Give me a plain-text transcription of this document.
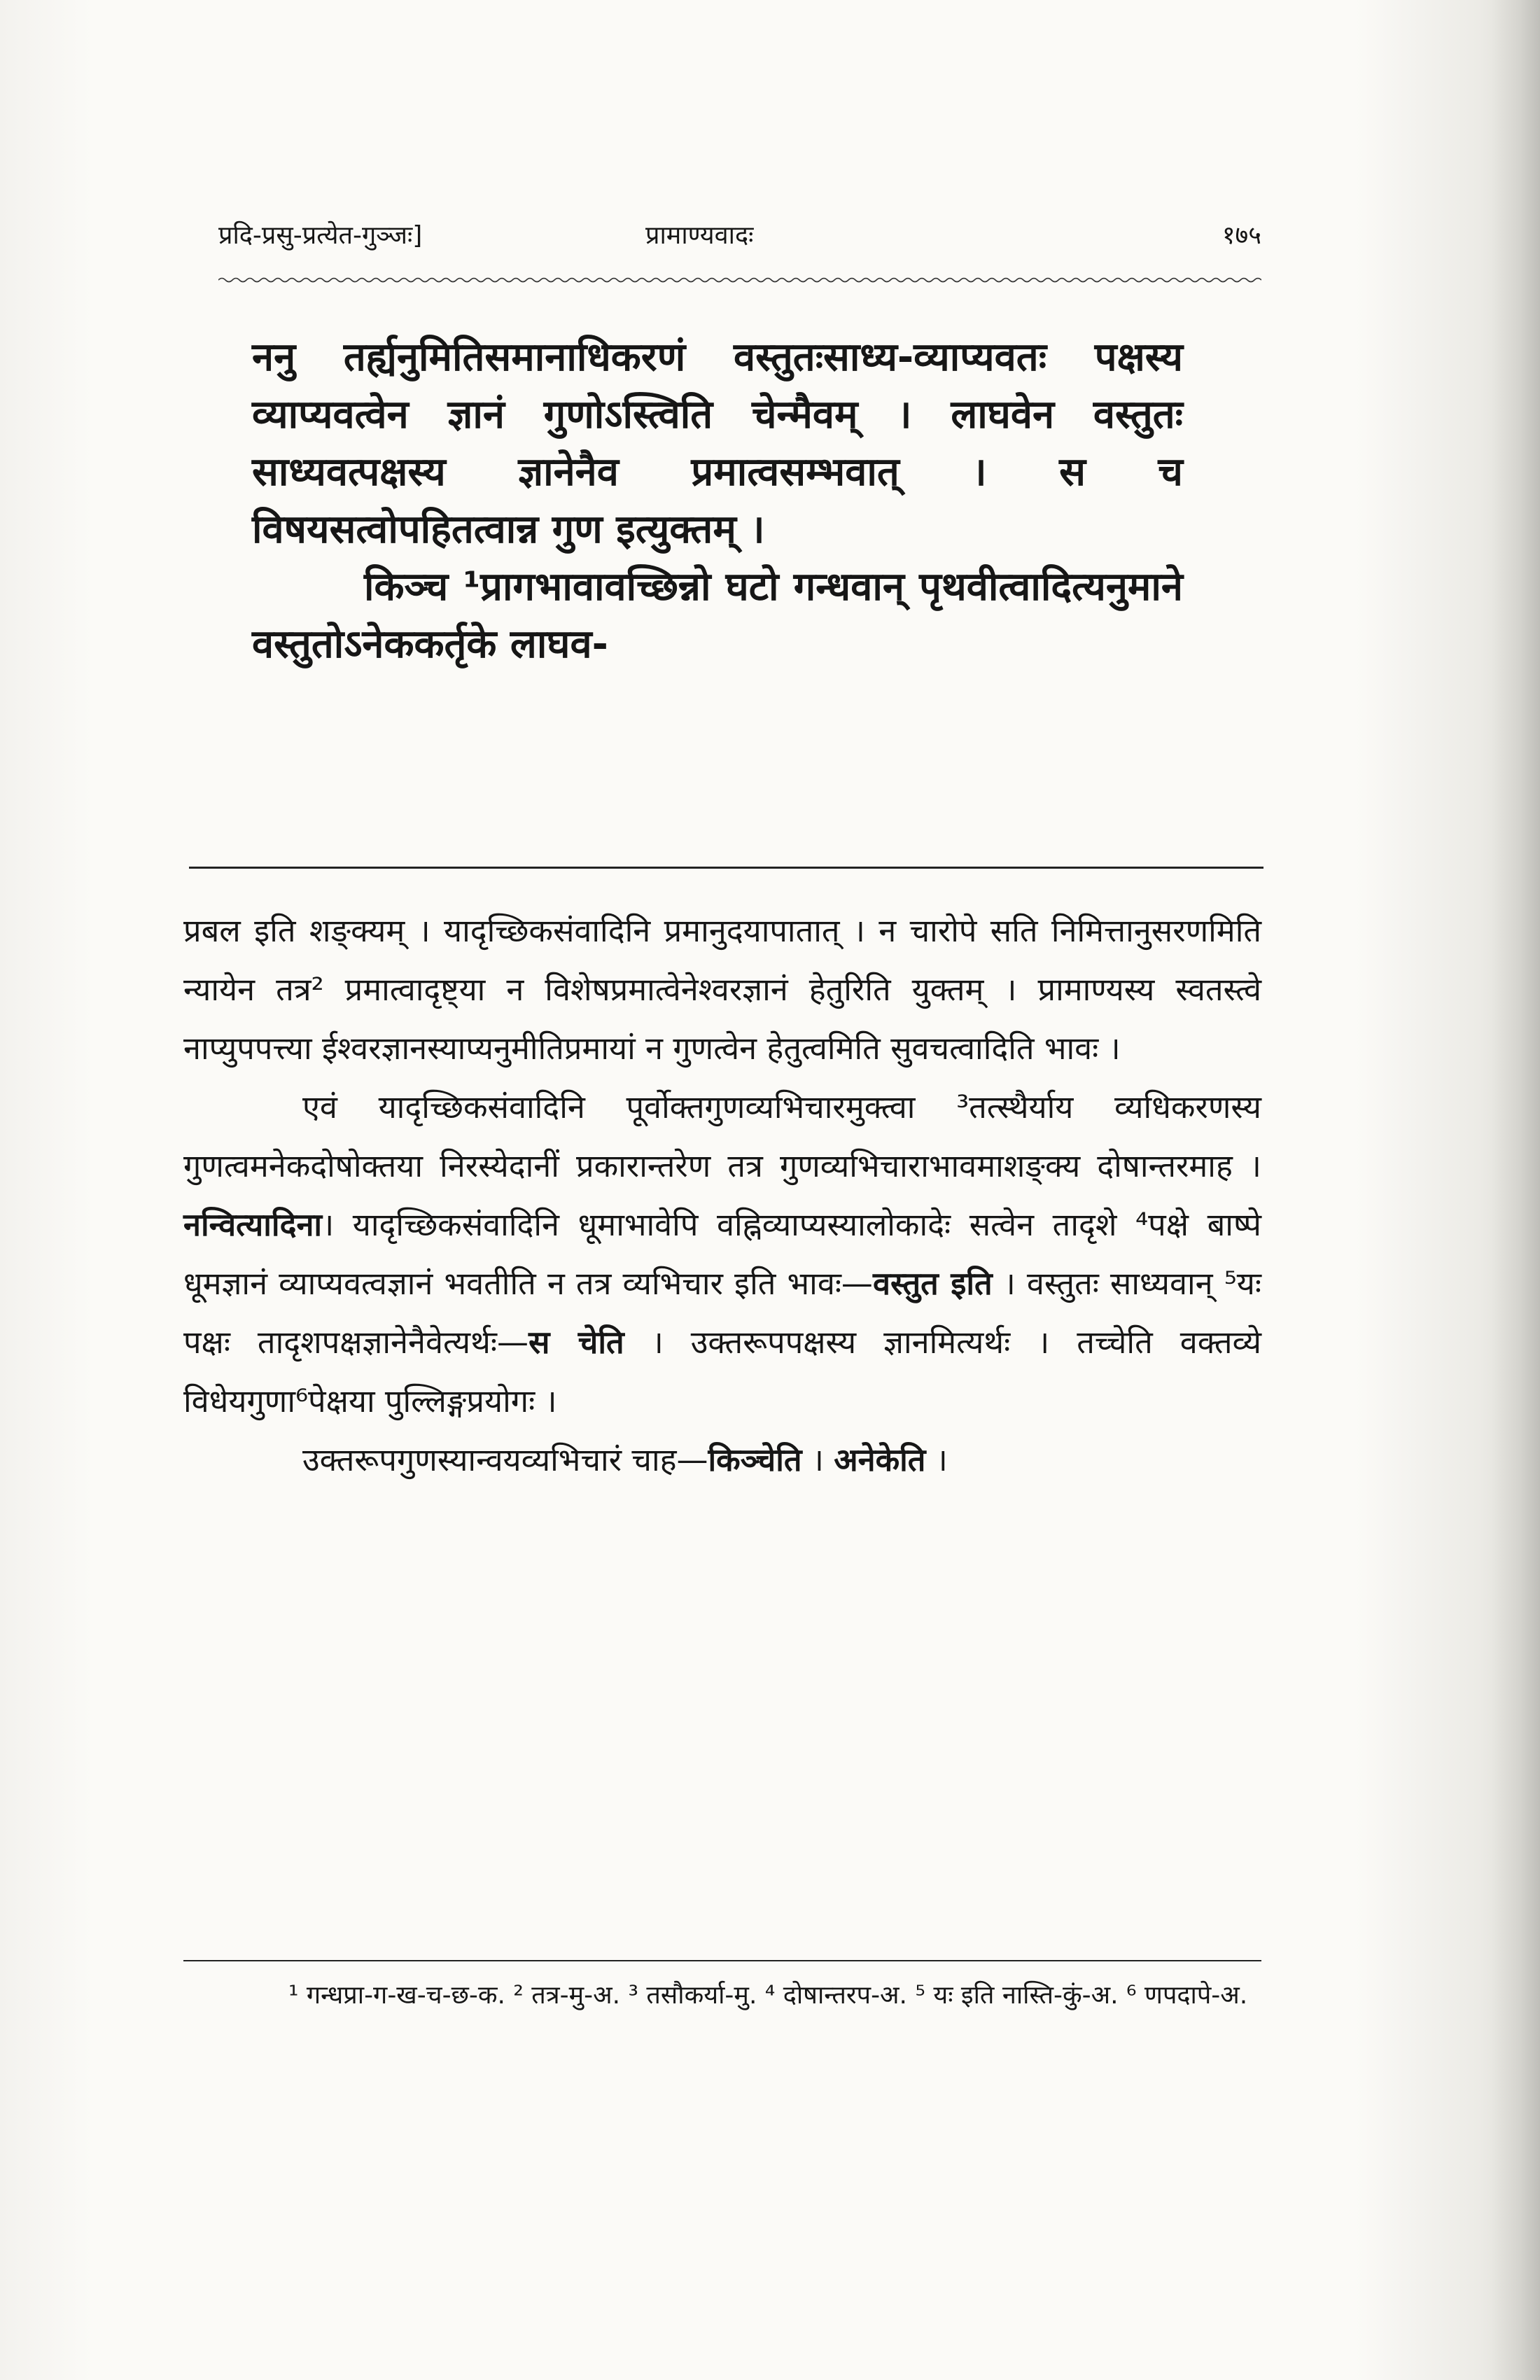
प्रदि-प्रसु-प्रत्येत-गुञ्जः]	प्रामाण्यवादः	१७५

ननु तर्ह्यनुमितिसमानाधिकरणं वस्तुतःसाध्य-व्याप्यवतः पक्षस्य व्याप्यवत्वेन ज्ञानं गुणोऽस्त्विति चेन्मैवम् । लाघवेन वस्तुतः साध्यवत्पक्षस्य ज्ञानेनैव प्रमात्वसम्भवात् । स च विषयसत्वोपहितत्वान्न गुण इत्युक्तम् ।

किञ्च ¹प्रागभावावच्छिन्नो घटो गन्धवान् पृथवीत्वादित्यनुमाने वस्तुतोऽनेककर्तृके लाघव-

प्रबल इति शङ्क्यम् । यादृच्छिकसंवादिनि प्रमानुदयापातात् । न चारोपे सति निमित्तानुसरणमिति न्यायेन तत्र² प्रमात्वादृष्ट्या न विशेषप्रमात्वेनेश्वरज्ञानं हेतुरिति युक्तम् । प्रामाण्यस्य स्वतस्त्वे नाप्युपपत्त्या ईश्वरज्ञानस्याप्यनुमीतिप्रमायां न गुणत्वेन हेतुत्वमिति सुवचत्वादिति भावः ।

एवं यादृच्छिकसंवादिनि पूर्वोक्तगुणव्यभिचारमुक्त्वा ³तत्स्थैर्याय व्यधिकरणस्य गुणत्वमनेकदोषोक्तया निरस्येदानीं प्रकारान्तरेण तत्र गुणव्यभिचाराभावमाशङ्क्य दोषान्तरमाह । नन्वित्यादिना। यादृच्छिकसंवादिनि धूमाभावेपि वह्निव्याप्यस्यालोकादेः सत्वेन तादृशे ⁴पक्षे बाष्पे धूमज्ञानं व्याप्यवत्वज्ञानं भवतीति न तत्र व्यभिचार इति भावः—वस्तुत इति । वस्तुतः साध्यवान् ⁵यः पक्षः तादृशपक्षज्ञानेनैवेत्यर्थः—स चेति । उक्तरूपपक्षस्य ज्ञानमित्यर्थः । तच्चेति वक्तव्ये विधेयगुणा⁶पेक्षया पुल्लिङ्गप्रयोगः ।

उक्तरूपगुणस्यान्वयव्यभिचारं चाह—किञ्चेति । अनेकेति ।

¹ गन्धप्रा-ग-ख-च-छ-क. ² तत्र-मु-अ. ³ तसौकर्या-मु. ⁴ दोषान्तरप-अ. ⁵ यः इति नास्ति-कुं-अ. ⁶ णपदापे-अ.
